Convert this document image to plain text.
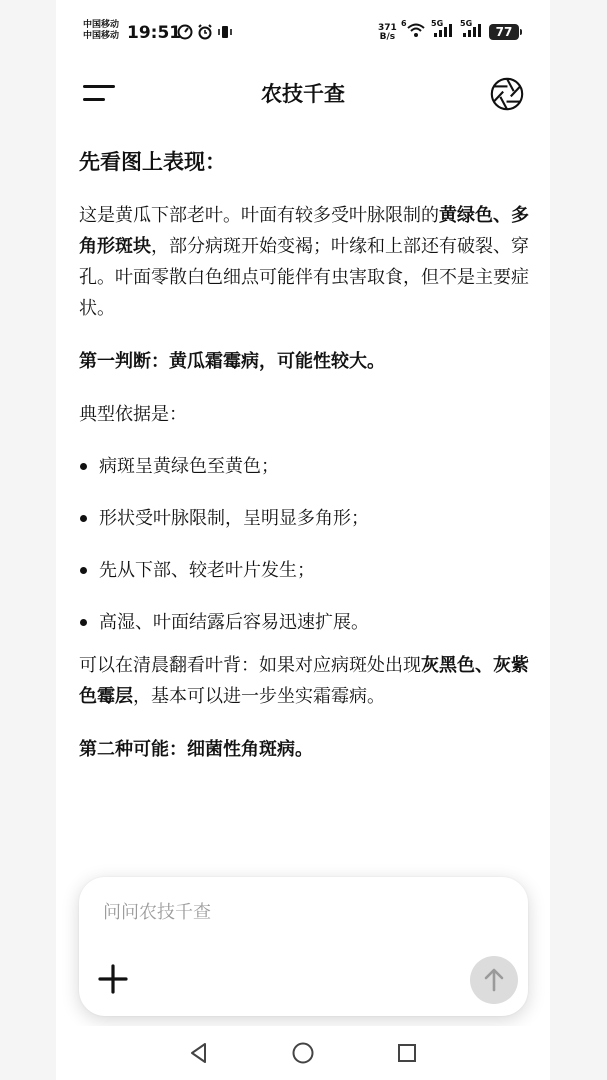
中国移动
中国移动 19:51	371
B/s
6	5G 5G
77
农技千查
先看图上表现：

这是黄瓜下部老叶。叶面有较多受叶脉限制的黄绿色、多角形斑块，部分病斑开始变褐；叶缘和上部还有破裂、穿孔。叶面零散白色细点可能伴有虫害取食，但不是主要症状。

第一判断：黄瓜霜霉病，可能性较大。

典型依据是：

病斑呈黄绿色至黄色；
形状受叶脉限制，呈明显多角形；
先从下部、较老叶片发生；
高湿、叶面结露后容易迅速扩展。

可以在清晨翻看叶背：如果对应病斑处出现灰黑色、灰紫色霉层，基本可以进一步坐实霜霉病。

第二种可能：细菌性角斑病。

问问农技千查
